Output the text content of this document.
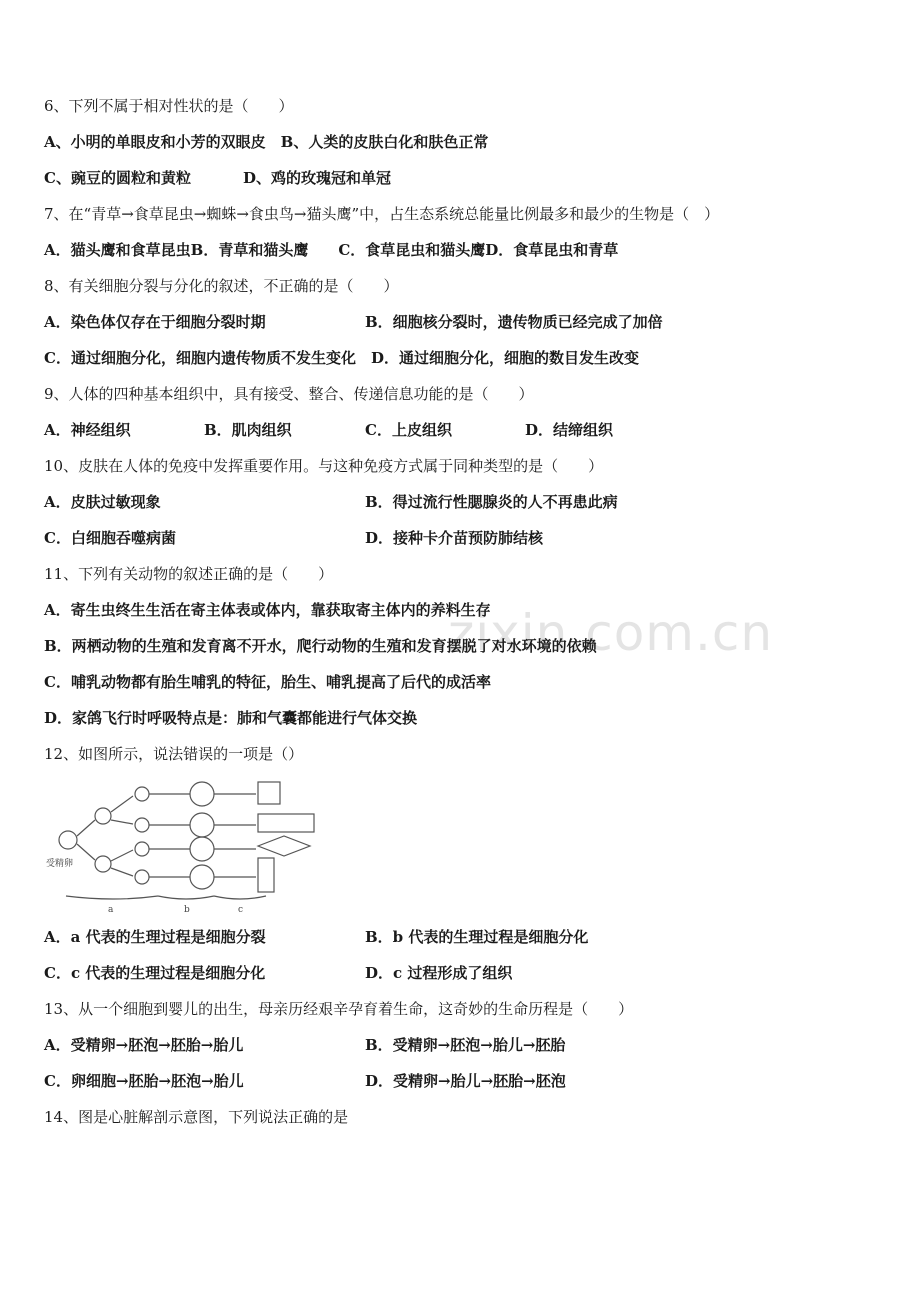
zixin.com.cn
6、下列不属于相对性状的是（　　）
A、小明的单眼皮和小芳的双眼皮　B、人类的皮肤白化和肤色正常
C、豌豆的圆粒和黄粒	D、鸡的玫瑰冠和单冠
7、在“青草→食草昆虫→蜘蛛→食虫鸟→猫头鹰”中，占生态系统总能量比例最多和最少的生物是（　）
A．猫头鹰和食草昆虫B．青草和猫头鹰　　C．食草昆虫和猫头鹰D．食草昆虫和青草
8、有关细胞分裂与分化的叙述，不正确的是（　　）
A．染色体仅存在于细胞分裂时期	B．细胞核分裂时，遗传物质已经完成了加倍
C．通过细胞分化，细胞内遗传物质不发生变化　D．通过细胞分化，细胞的数目发生改变
9、人体的四种基本组织中，具有接受、整合、传递信息功能的是（　　）
A．神经组织	B．肌肉组织	C．上皮组织	D．结缔组织
10、皮肤在人体的免疫中发挥重要作用。与这种免疫方式属于同种类型的是（　　）
A．皮肤过敏现象	B．得过流行性腮腺炎的人不再患此病
C．白细胞吞噬病菌	D．接种卡介苗预防肺结核
11、下列有关动物的叙述正确的是（　　）
A．寄生虫终生生活在寄主体表或体内，靠获取寄主体内的养料生存
B．两栖动物的生殖和发育离不开水，爬行动物的生殖和发育摆脱了对水环境的依赖
C．哺乳动物都有胎生哺乳的特征，胎生、哺乳提高了后代的成活率
D．家鸽飞行时呼吸特点是：肺和气囊都能进行气体交换
12、如图所示，说法错误的一项是（）
受精卵
a	b	c
A．a 代表的生理过程是细胞分裂	B．b 代表的生理过程是细胞分化
C．c 代表的生理过程是细胞分化	D．c 过程形成了组织
13、从一个细胞到婴儿的出生，母亲历经艰辛孕育着生命，这奇妙的生命历程是（　　）
A．受精卵→胚泡→胚胎→胎儿	B．受精卵→胚泡→胎儿→胚胎
C．卵细胞→胚胎→胚泡→胎儿	D．受精卵→胎儿→胚胎→胚泡
14、图是心脏解剖示意图，下列说法正确的是
